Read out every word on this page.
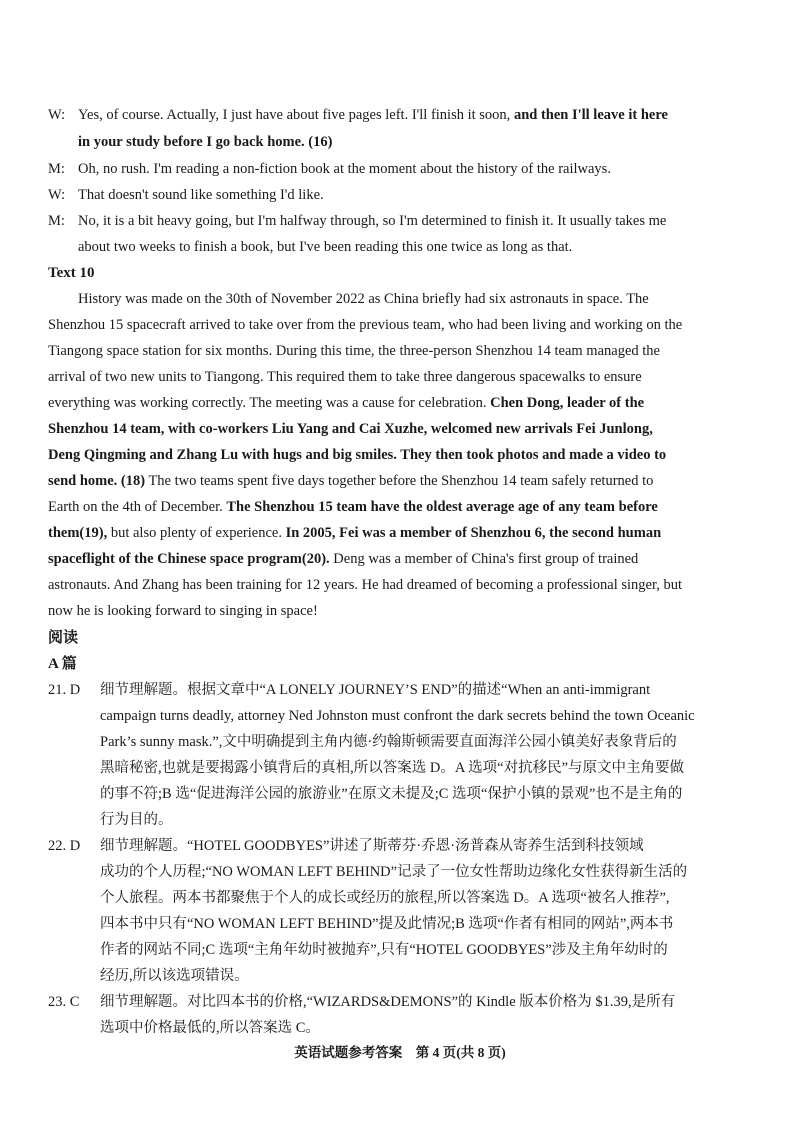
W: Yes, of course. Actually, I just have about five pages left. I'll finish it soon, and then I'll leave it here
in your study before I go back home. (16)
M: Oh, no rush. I'm reading a non-fiction book at the moment about the history of the railways.
W: That doesn't sound like something I'd like.
M: No, it is a bit heavy going, but I'm halfway through, so I'm determined to finish it. It usually takes me
about two weeks to finish a book, but I've been reading this one twice as long as that.
Text 10
History was made on the 30th of November 2022 as China briefly had six astronauts in space. The
Shenzhou 15 spacecraft arrived to take over from the previous team, who had been living and working on the
Tiangong space station for six months. During this time, the three-person Shenzhou 14 team managed the
arrival of two new units to Tiangong. This required them to take three dangerous spacewalks to ensure
everything was working correctly. The meeting was a cause for celebration. Chen Dong, leader of the
Shenzhou 14 team, with co-workers Liu Yang and Cai Xuzhe, welcomed new arrivals Fei Junlong,
Deng Qingming and Zhang Lu with hugs and big smiles. They then took photos and made a video to
send home. (18) The two teams spent five days together before the Shenzhou 14 team safely returned to
Earth on the 4th of December. The Shenzhou 15 team have the oldest average age of any team before
them(19), but also plenty of experience. In 2005, Fei was a member of Shenzhou 6, the second human
spaceflight of the Chinese space program(20). Deng was a member of China's first group of trained
astronauts. And Zhang has been training for 12 years. He had dreamed of becoming a professional singer, but
now he is looking forward to singing in space!
阅读
A 篇
21. D 细节理解题。根据文章中“A LONELY JOURNEY’S END”的描述“When an anti-immigrant
campaign turns deadly, attorney Ned Johnston must confront the dark secrets behind the town Oceanic
Park’s sunny mask.”,文中明确提到主角内德·约翰斯顿需要直面海洋公园小镇美好表象背后的
黑暗秘密,也就是要揭露小镇背后的真相,所以答案选 D。A 选项“对抗移民”与原文中主角要做
的事不符;B 选“促进海洋公园的旅游业”在原文未提及;C 选项“保护小镇的景观”也不是主角的
行为目的。
22. D 细节理解题。“HOTEL GOODBYES”讲述了斯蒂芬·乔恩·汤普森从寄养生活到科技领域
成功的个人历程;“NO WOMAN LEFT BEHIND”记录了一位女性帮助边缘化女性获得新生活的
个人旅程。两本书都聚焦于个人的成长或经历的旅程,所以答案选 D。A 选项“被名人推荐”,
四本书中只有“NO WOMAN LEFT BEHIND”提及此情况;B 选项“作者有相同的网站”,两本书
作者的网站不同;C 选项“主角年幼时被抛弃”,只有“HOTEL GOODBYES”涉及主角年幼时的
经历,所以该选项错误。
23. C 细节理解题。对比四本书的价格,“WIZARDS&DEMONS”的 Kindle 版本价格为 $1.39,是所有
选项中价格最低的,所以答案选 C。
英语试题参考答案　第 4 页(共 8 页)
